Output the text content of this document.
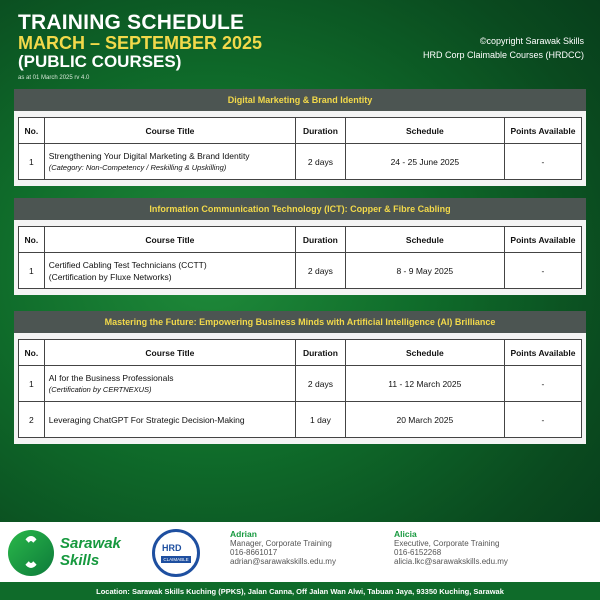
TRAINING SCHEDULE
MARCH – SEPTEMBER 2025
(PUBLIC COURSES)
as at 01 March 2025 rv 4.0
©copyright Sarawak Skills
HRD Corp Claimable Courses (HRDCC)
Digital Marketing & Brand Identity
No.	Course Title	Duration	Schedule	Points Available
1	Strengthening Your Digital Marketing & Brand Identity
(Category: Non-Competency / Reskilling & Upskilling)	2 days	24 - 25 June 2025	-
Information Communication Technology (ICT): Copper & Fibre Cabling
No.	Course Title	Duration	Schedule	Points Available
1	Certified Cabling Test Technicians (CCTT)
(Certification by Fluxe Networks)	2 days	8 - 9 May 2025	-
Mastering the Future: Empowering Business Minds with Artificial Intelligence (AI) Brilliance
No.	Course Title	Duration	Schedule	Points Available
1	AI for the Business Professionals
(Certification by CERTNEXUS)	2 days	11 - 12 March 2025	-
2	Leveraging ChatGPT For Strategic Decision-Making	1 day	20 March 2025	-
Sarawak
Skills
HRD
CLAIMABLE
Adrian
Manager, Corporate Training
016-8661017
adrian@sarawakskills.edu.my
Alicia
Executive, Corporate Training
016-6152268
alicia.lkc@sarawakskills.edu.my
Location: Sarawak Skills Kuching (PPKS), Jalan Canna, Off Jalan Wan Alwi, Tabuan Jaya, 93350 Kuching, Sarawak
